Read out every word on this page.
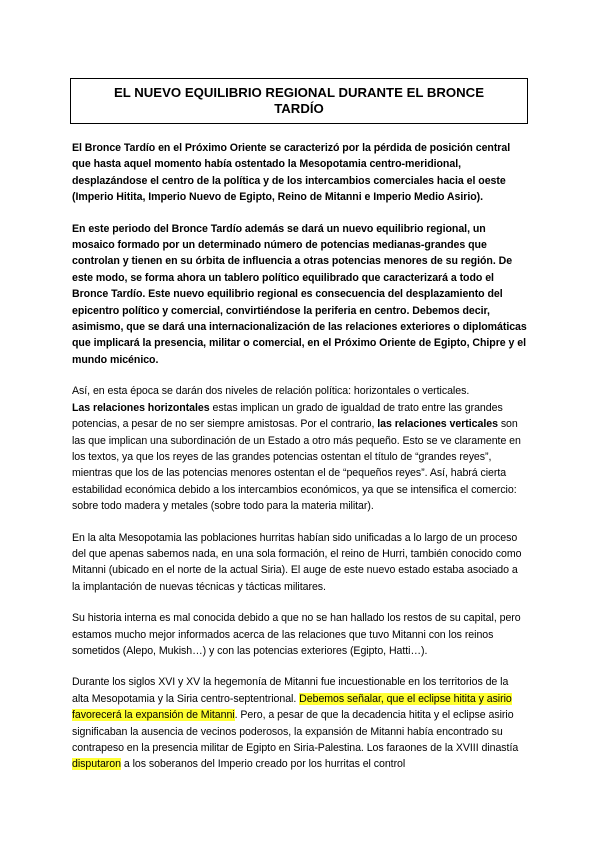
EL NUEVO EQUILIBRIO REGIONAL DURANTE EL BRONCE TARDÍO

El Bronce Tardío en el Próximo Oriente se caracterizó por la pérdida de posición central que hasta aquel momento había ostentado la Mesopotamia centro-meridional, desplazándose el centro de la política y de los intercambios comerciales hacia el oeste (Imperio Hitita, Imperio Nuevo de Egipto, Reino de Mitanni e Imperio Medio Asirio).

En este periodo del Bronce Tardío además se dará un nuevo equilibrio regional, un mosaico formado por un determinado número de potencias medianas-grandes que controlan y tienen en su órbita de influencia a otras potencias menores de su región. De este modo, se forma ahora un tablero político equilibrado que caracterizará a todo el Bronce Tardío. Este nuevo equilibrio regional es consecuencia del desplazamiento del epicentro político y comercial, convirtiéndose la periferia en centro. Debemos decir, asimismo, que se dará una internacionalización de las relaciones exteriores o diplomáticas que implicará la presencia, militar o comercial, en el Próximo Oriente de Egipto, Chipre y el mundo micénico.

Así, en esta época se darán dos niveles de relación política: horizontales o verticales.
Las relaciones horizontales estas implican un grado de igualdad de trato entre las grandes potencias, a pesar de no ser siempre amistosas. Por el contrario, las relaciones verticales son las que implican una subordinación de un Estado a otro más pequeño. Esto se ve claramente en los textos, ya que los reyes de las grandes potencias ostentan el título de “grandes reyes”, mientras que los de las potencias menores ostentan el de “pequeños reyes”. Así, habrá cierta estabilidad económica debido a los intercambios económicos, ya que se intensifica el comercio: sobre todo madera y metales (sobre todo para la materia militar).

En la alta Mesopotamia las poblaciones hurritas habían sido unificadas a lo largo de un proceso del que apenas sabemos nada, en una sola formación, el reino de Hurri, también conocido como Mitanni (ubicado en el norte de la actual Siria). El auge de este nuevo estado estaba asociado a la implantación de nuevas técnicas y tácticas militares.

Su historia interna es mal conocida debido a que no se han hallado los restos de su capital, pero estamos mucho mejor informados acerca de las relaciones que tuvo Mitanni con los reinos sometidos (Alepo, Mukish…) y con las potencias exteriores (Egipto, Hatti…).

Durante los siglos XVI y XV la hegemonía de Mitanni fue incuestionable en los territorios de la alta Mesopotamia y la Siria centro-septentrional. Debemos señalar, que el eclipse hitita y asirio favorecerá la expansión de Mitanni. Pero, a pesar de que la decadencia hitita y el eclipse asirio significaban la ausencia de vecinos poderosos, la expansión de Mitanni había encontrado su contrapeso en la presencia militar de Egipto en Siria-Palestina. Los faraones de la XVIII dinastía disputaron a los soberanos del Imperio creado por los hurritas el control
